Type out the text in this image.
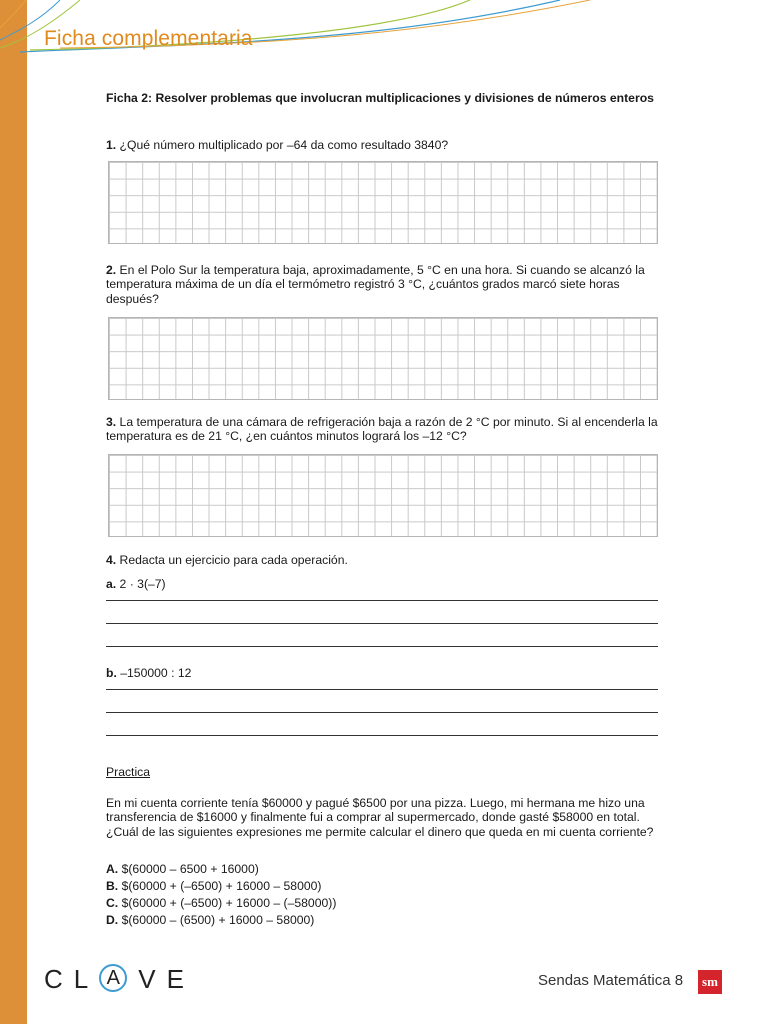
Ficha complementaria
Ficha 2: Resolver problemas que involucran multiplicaciones y divisiones de números enteros
1. ¿Qué número multiplicado por –64 da como resultado 3840?
2. En el Polo Sur la temperatura baja, aproximadamente, 5 °C en una hora. Si cuando se alcanzó la temperatura máxima de un día el termómetro registró 3 °C, ¿cuántos grados marcó siete horas después?
3. La temperatura de una cámara de refrigeración baja a razón de 2 °C por minuto. Si al encenderla la temperatura es de 21 °C, ¿en cuántos minutos logrará los –12 °C?
4. Redacta un ejercicio para cada operación.
a. 2 · 3(–7)
b. –150000 : 12
Practica
En mi cuenta corriente tenía $60000 y pagué $6500 por una pizza. Luego, mi hermana me hizo una transferencia de $16000 y finalmente fui a comprar al supermercado, donde gasté $58000 en total. ¿Cuál de las siguientes expresiones me permite calcular el dinero que queda en mi cuenta corriente?
A. $(60000 – 6500 + 16000)
B. $(60000 + (–6500) + 16000 – 58000)
C. $(60000 + (–6500) + 16000 – (–58000))
D. $(60000 – (6500) + 16000 – 58000)
C L A V E	Sendas Matemática 8	sm
